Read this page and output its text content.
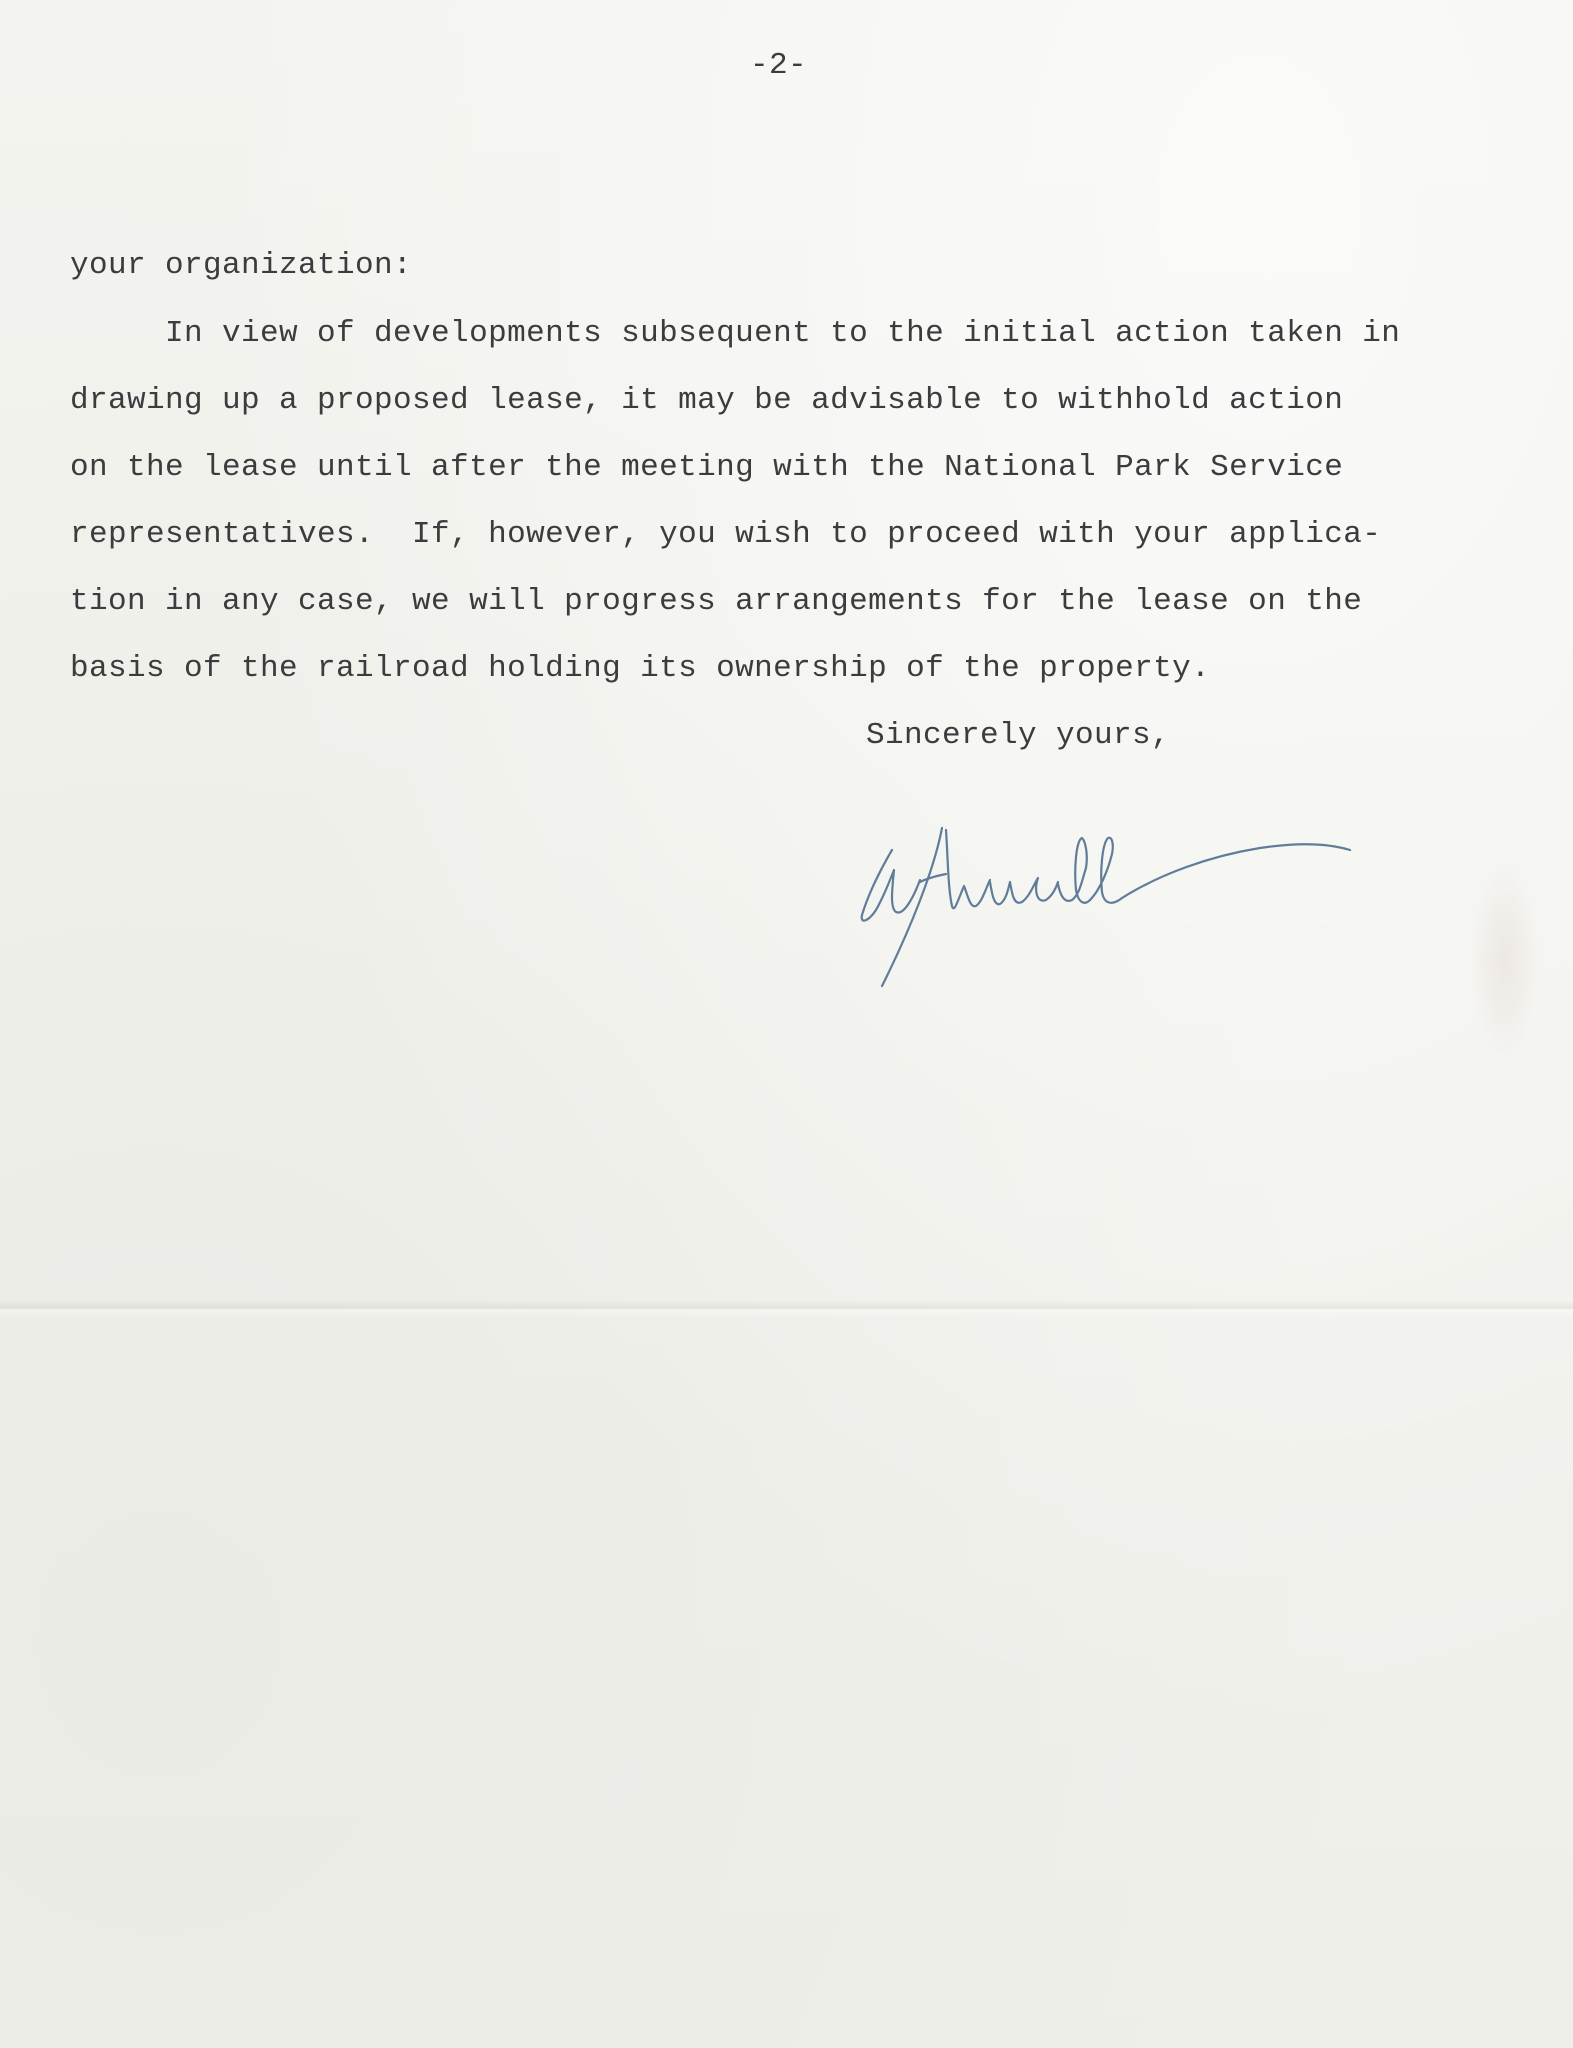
-2-
your organization:
In view of developments subsequent to the initial action taken in
drawing up a proposed lease, it may be advisable to withhold action
on the lease until after the meeting with the National Park Service
representatives.  If, however, you wish to proceed with your applica-
tion in any case, we will progress arrangements for the lease on the
basis of the railroad holding its ownership of the property.
Sincerely yours,
